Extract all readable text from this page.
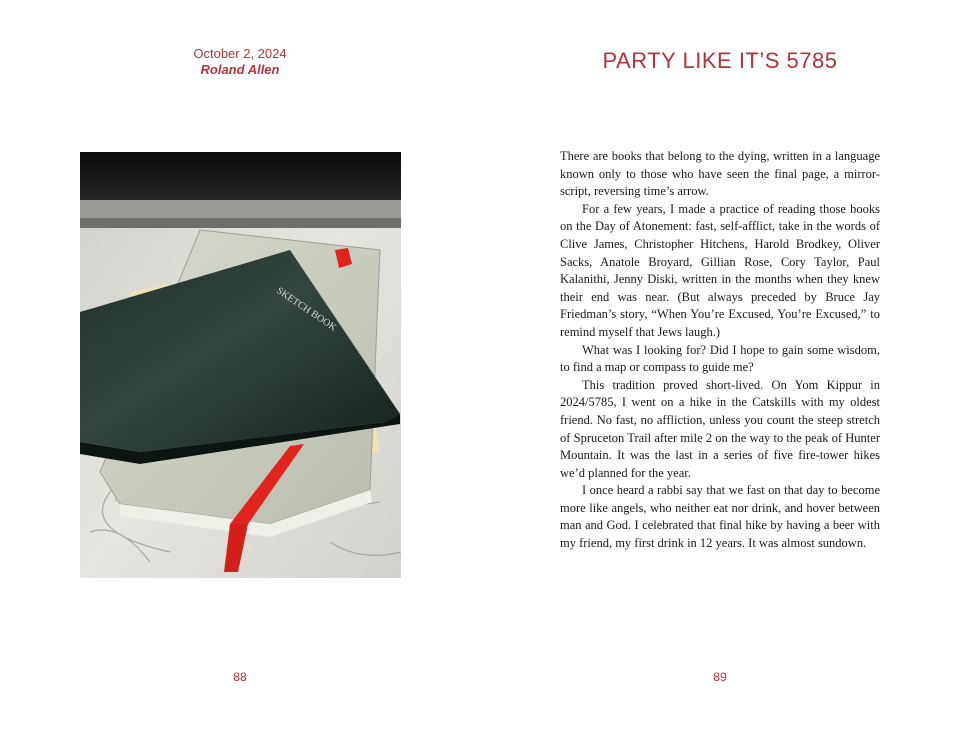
October 2, 2024
Roland Allen
SKETCH BOOK
88
PARTY LIKE IT’S 5785

There are books that belong to the dying, written in a language known only to those who have seen the final page, a mirror-script, reversing time’s arrow.

For a few years, I made a practice of reading those books on the Day of Atonement: fast, self-afflict, take in the words of Clive James, Christopher Hitchens, Harold Brodkey, Oliver Sacks, Anatole Broyard, Gillian Rose, Cory Taylor, Paul Kalanithi, Jenny Diski, written in the months when they knew their end was near. (But always preceded by Bruce Jay Friedman’s story, “When You’re Excused, You’re Excused,” to remind myself that Jews laugh.)

What was I looking for? Did I hope to gain some wisdom, to find a map or compass to guide me?

This tradition proved short-lived. On Yom Kippur in 2024/5785, I went on a hike in the Catskills with my oldest friend. No fast, no affliction, unless you count the steep stretch of Spruceton Trail after mile 2 on the way to the peak of Hunter Mountain. It was the last in a series of five fire-tower hikes we’d planned for the year.

I once heard a rabbi say that we fast on that day to become more like angels, who neither eat nor drink, and hover between man and God. I celebrated that final hike by having a beer with my friend, my first drink in 12 years. It was almost sundown.

89
